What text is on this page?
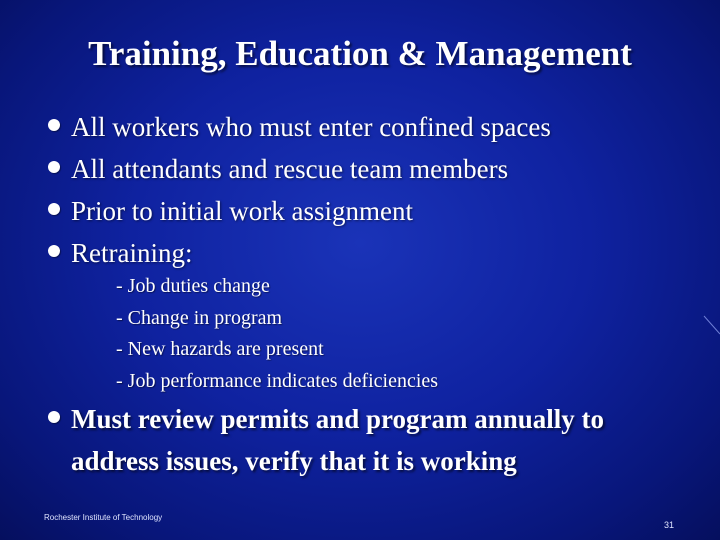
Training, Education & Management
All workers who must enter confined spaces
All attendants and rescue team members
Prior to initial work assignment
Retraining:
- Job duties change
- Change in program
- New hazards are present
- Job performance indicates deficiencies
Must review permits and program annually to address issues, verify that it is working
Rochester Institute of Technology
31
